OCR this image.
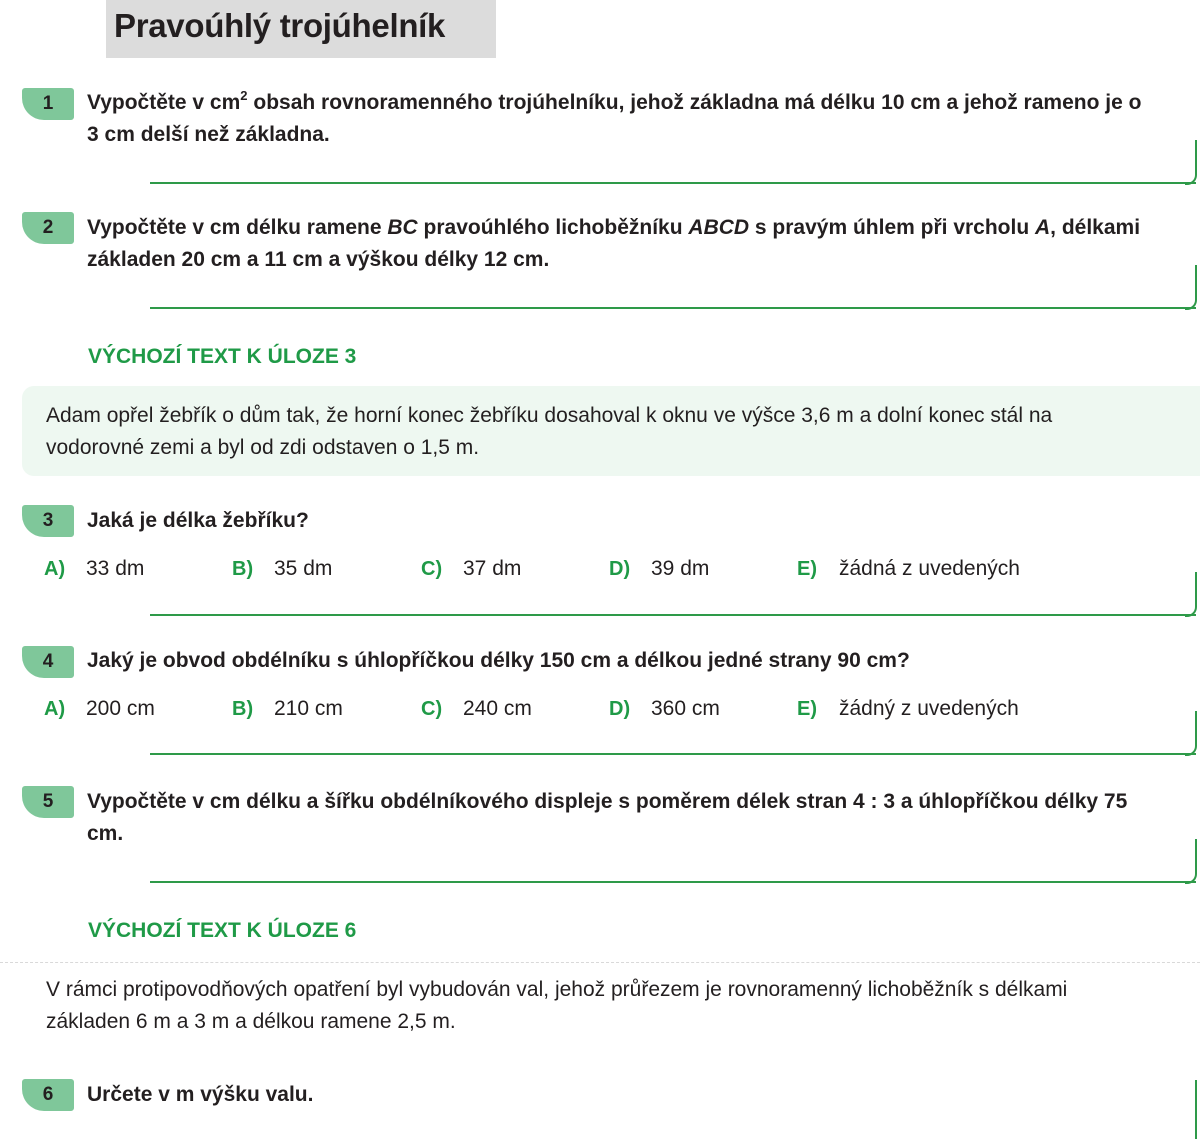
Pravoúhlý trojúhelník
1	Vypočtěte v $cm^2$ obsah rovnoramenného trojúhelníku, jehož základna má délku 10 cm a jehož rameno je o 3 cm delší než základna.

2	Vypočtěte v cm délku ramene BC pravoúhlého lichoběžníku ABCD s pravým úhlem při vrcholu A, délkami základen 20 cm a 11 cm a výškou délky 12 cm.

VÝCHOZÍ TEXT K ÚLOZE 3

Adam opřel žebřík o dům tak, že horní konec žebříku dosahoval k oknu ve výšce 3,6 m a dolní konec stál na vodorovné zemi a byl od zdi odstaven o 1,5 m.

3	Jaká je délka žebříku?

A) 33 dm	B) 35 dm	C) 37 dm	D) 39 dm	E) žádná z uvedených
4	Jaký je obvod obdélníku s úhlopříčkou délky 150 cm a délkou jedné strany 90 cm?

A) 200 cm	B) 210 cm	C) 240 cm	D) 360 cm	E) žádný z uvedených
5	Vypočtěte v cm délku a šířku obdélníkového displeje s poměrem délek stran 4 : 3 a úhlopříčkou délky 75 cm.

VÝCHOZÍ TEXT K ÚLOZE 6

V rámci protipovodňových opatření byl vybudován val, jehož průřezem je rovnoramenný lichoběžník s délkami základen 6 m a 3 m a délkou ramene 2,5 m.

6	Určete v m výšku valu.
